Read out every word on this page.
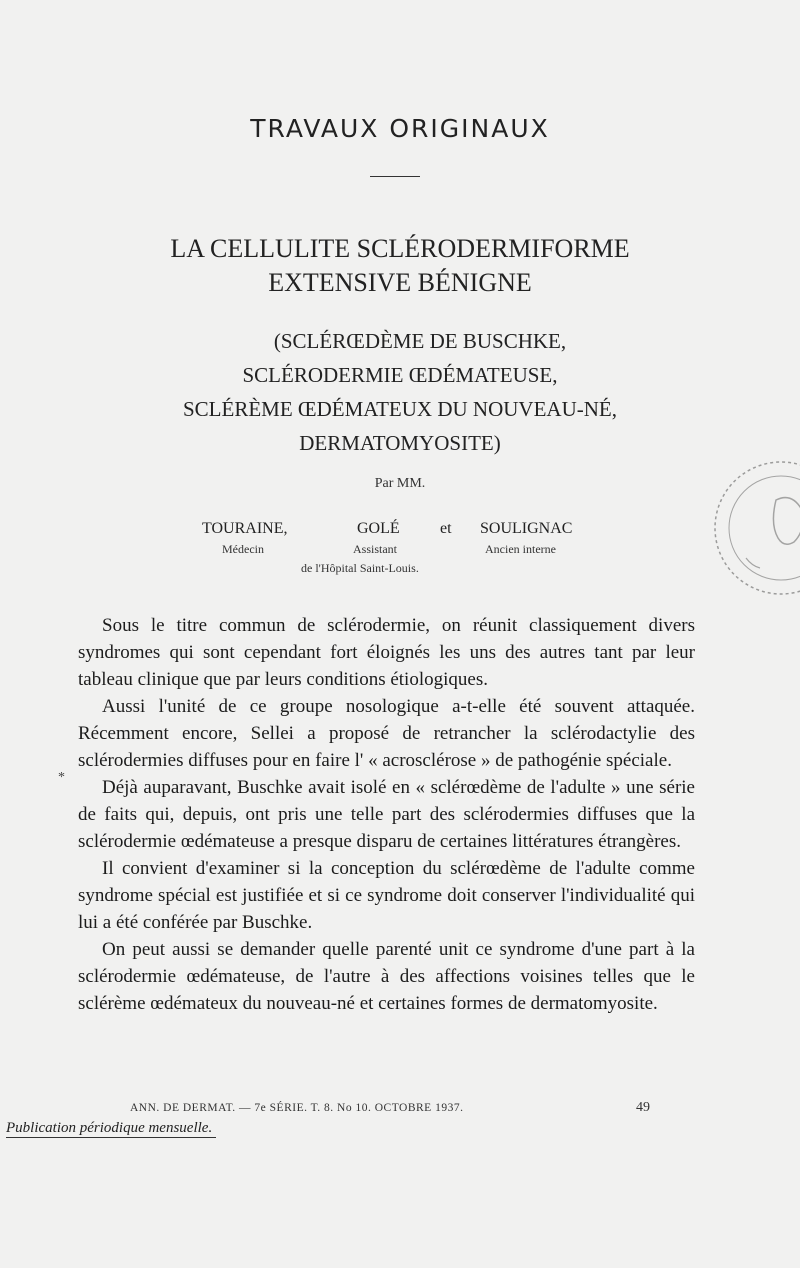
TRAVAUX ORIGINAUX
LA CELLULITE SCLÉRODERMIFORME
EXTENSIVE BÉNIGNE
(SCLÉRŒDÈME DE BUSCHKE,
SCLÉRODERMIE ŒDÉMATEUSE,
SCLÉRÈME ŒDÉMATEUX DU NOUVEAU-NÉ,
DERMATOMYOSITE)
Par MM.
TOURAINE,	GOLÉ	et SOULIGNAC
Médecin	Assistant	Ancien interne
de l'Hôpital Saint-Louis.

Sous le titre commun de sclérodermie, on réunit classiquement divers syndromes qui sont cependant fort éloignés les uns des autres tant par leur tableau clinique que par leurs conditions étiologiques.

Aussi l'unité de ce groupe nosologique a-t-elle été souvent attaquée. Récemment encore, Sellei a proposé de retrancher la sclérodactylie des sclérodermies diffuses pour en faire l' « acrosclérose » de pathogénie spéciale.

Déjà auparavant, Buschke avait isolé en « sclérœdème de l'adulte » une série de faits qui, depuis, ont pris une telle part des sclérodermies diffuses que la sclérodermie œdémateuse a presque disparu de certaines littératures étrangères.

Il convient d'examiner si la conception du sclérœdème de l'adulte comme syndrome spécial est justifiée et si ce syndrome doit conserver l'individualité qui lui a été conférée par Buschke.

On peut aussi se demander quelle parenté unit ce syndrome d'une part à la sclérodermie œdémateuse, de l'autre à des affections voisines telles que le sclérème œdémateux du nouveau-né et certaines formes de dermatomyosite.

*
ANN. DE DERMAT. — 7e SÉRIE. T. 8. No 10. OCTOBRE 1937.	49
Publication périodique mensuelle.
